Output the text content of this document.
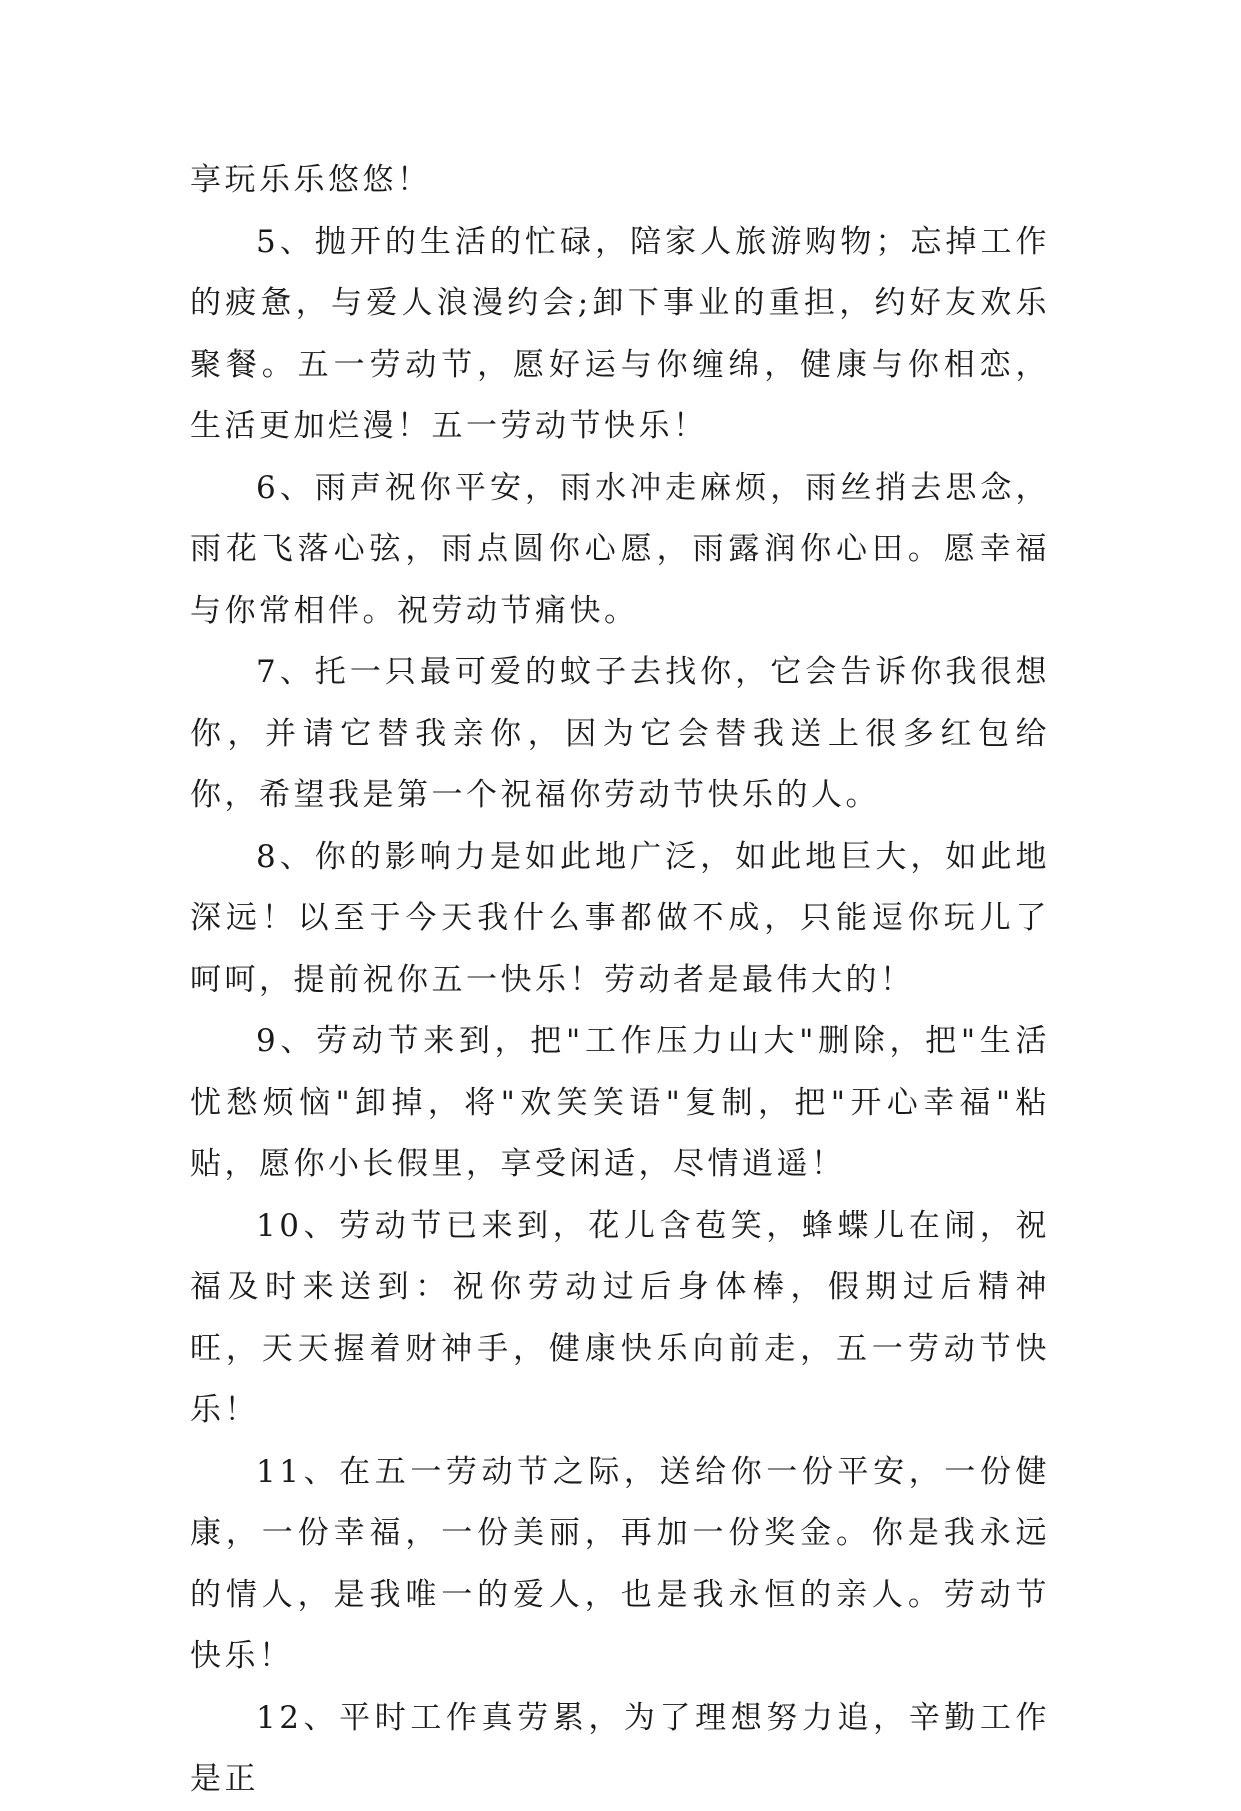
享玩乐乐悠悠！

5、抛开的生活的忙碌，陪家人旅游购物；忘掉工作的疲惫，与爱人浪漫约会;卸下事业的重担，约好友欢乐聚餐。五一劳动节，愿好运与你缠绵，健康与你相恋，生活更加烂漫！五一劳动节快乐！

6、雨声祝你平安，雨水冲走麻烦，雨丝捎去思念，雨花飞落心弦，雨点圆你心愿，雨露润你心田。愿幸福与你常相伴。祝劳动节痛快。

7、托一只最可爱的蚊子去找你，它会告诉你我很想你，并请它替我亲你，因为它会替我送上很多红包给你，希望我是第一个祝福你劳动节快乐的人。

8、你的影响力是如此地广泛，如此地巨大，如此地深远！以至于今天我什么事都做不成，只能逗你玩儿了呵呵，提前祝你五一快乐！劳动者是最伟大的！

9、劳动节来到，把"工作压力山大"删除，把"生活忧愁烦恼"卸掉，将"欢笑笑语"复制，把"开心幸福"粘贴，愿你小长假里，享受闲适，尽情逍遥！

10、劳动节已来到，花儿含苞笑，蜂蝶儿在闹，祝福及时来送到：祝你劳动过后身体棒，假期过后精神旺，天天握着财神手，健康快乐向前走，五一劳动节快乐！

11、在五一劳动节之际，送给你一份平安，一份健康，一份幸福，一份美丽，再加一份奖金。你是我永远的情人，是我唯一的爱人，也是我永恒的亲人。劳动节快乐！

12、平时工作真劳累，为了理想努力追，辛勤工作是正
